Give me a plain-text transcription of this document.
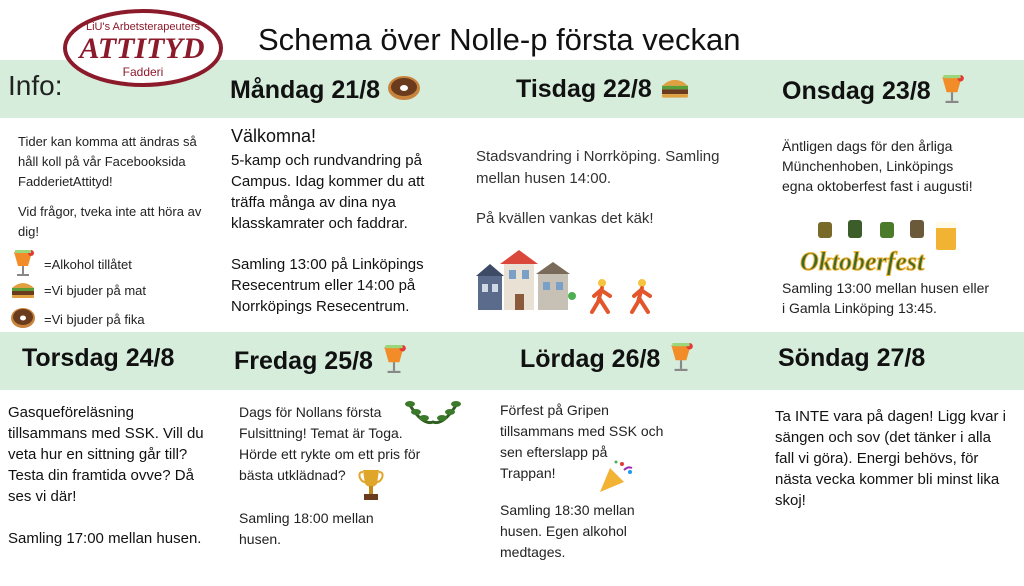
LiU's Arbetsterapeuters
ATTITYD
Fadderi
Schema över Nolle-p första veckan
Info:
Tider kan komma att ändras så håll koll på vår Facebooksida FadderietAttityd!
Vid frågor, tveka inte att höra av dig!
=Alkohol tillåtet
=Vi bjuder på mat
=Vi bjuder på fika
Måndag 21/8
Välkomna!
5-kamp och rundvandring på Campus. Idag kommer du att träffa många av dina nya klasskamrater och faddrar.
Samling 13:00 på Linköpings Resecentrum eller 14:00 på Norrköpings Resecentrum.
Tisdag 22/8
Stadsvandring i Norrköping. Samling mellan husen 14:00.
På kvällen vankas det käk!
Onsdag 23/8
Äntligen dags för den årliga Münchenhoben, Linköpings egna oktoberfest fast i augusti!
Oktoberfest
Samling 13:00 mellan husen eller i Gamla Linköping 13:45.
Torsdag 24/8
Gasqueföreläsning tillsammans med SSK. Vill du veta hur en sittning går till? Testa din framtida ovve? Då ses vi där!
Samling 17:00 mellan husen.
Fredag 25/8
Dags för Nollans första Fulsittning! Temat är Toga. Hörde ett rykte om ett pris för bästa utklädnad?
Samling 18:00 mellan husen.
Lördag 26/8
Förfest på Gripen tillsammans med SSK och sen efterslapp på Trappan!
Samling 18:30 mellan husen. Egen alkohol medtages.
Söndag 27/8
Ta INTE vara på dagen! Ligg kvar i sängen och sov (det tänker i alla fall vi göra). Energi behövs, för nästa vecka kommer bli minst lika skoj!
